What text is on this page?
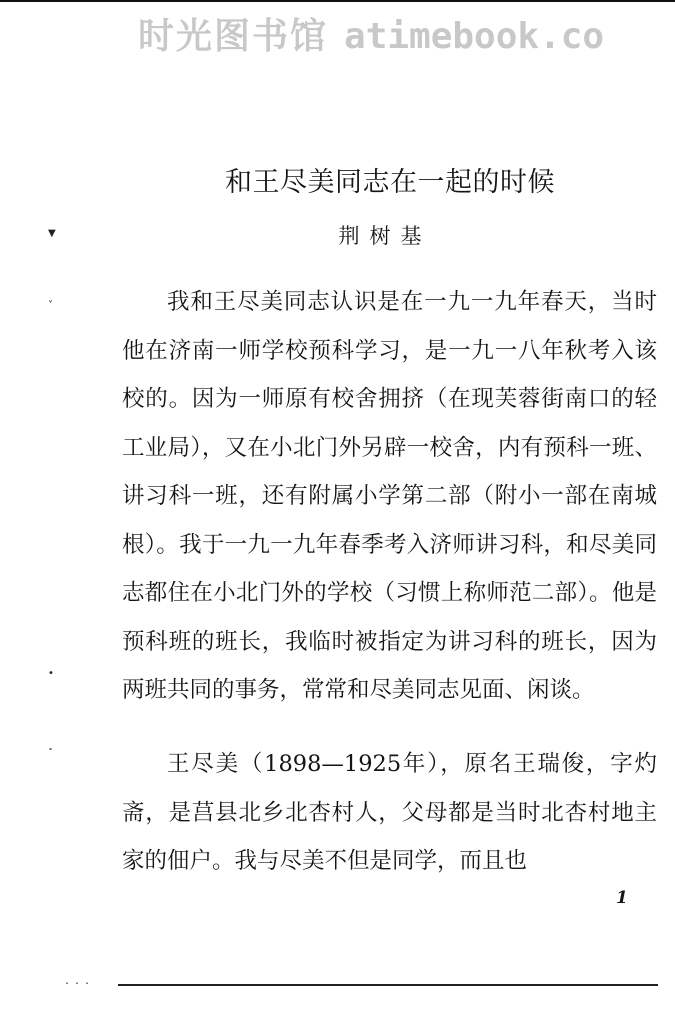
时光图书馆 atimebook.co
和王尽美同志在一起的时候
荆树基

我和王尽美同志认识是在一九一九年春天，当时他在济南一师学校预科学习，是一九一八年秋考入该校的。因为一师原有校舍拥挤（在现芙蓉街南口的轻工业局），又在小北门外另辟一校舍，内有预科一班、讲习科一班，还有附属小学第二部（附小一部在南城根）。我于一九一九年春季考入济师讲习科，和尽美同志都住在小北门外的学校（习惯上称师范二部）。他是预科班的班长，我临时被指定为讲习科的班长，因为两班共同的事务，常常和尽美同志见面、闲谈。

王尽美（1898—1925年），原名王瑞俊，字灼斋，是莒县北乡北杏村人，父母都是当时北杏村地主家的佃户。我与尽美不但是同学，而且也

▼
˅
•
˟
1
...
